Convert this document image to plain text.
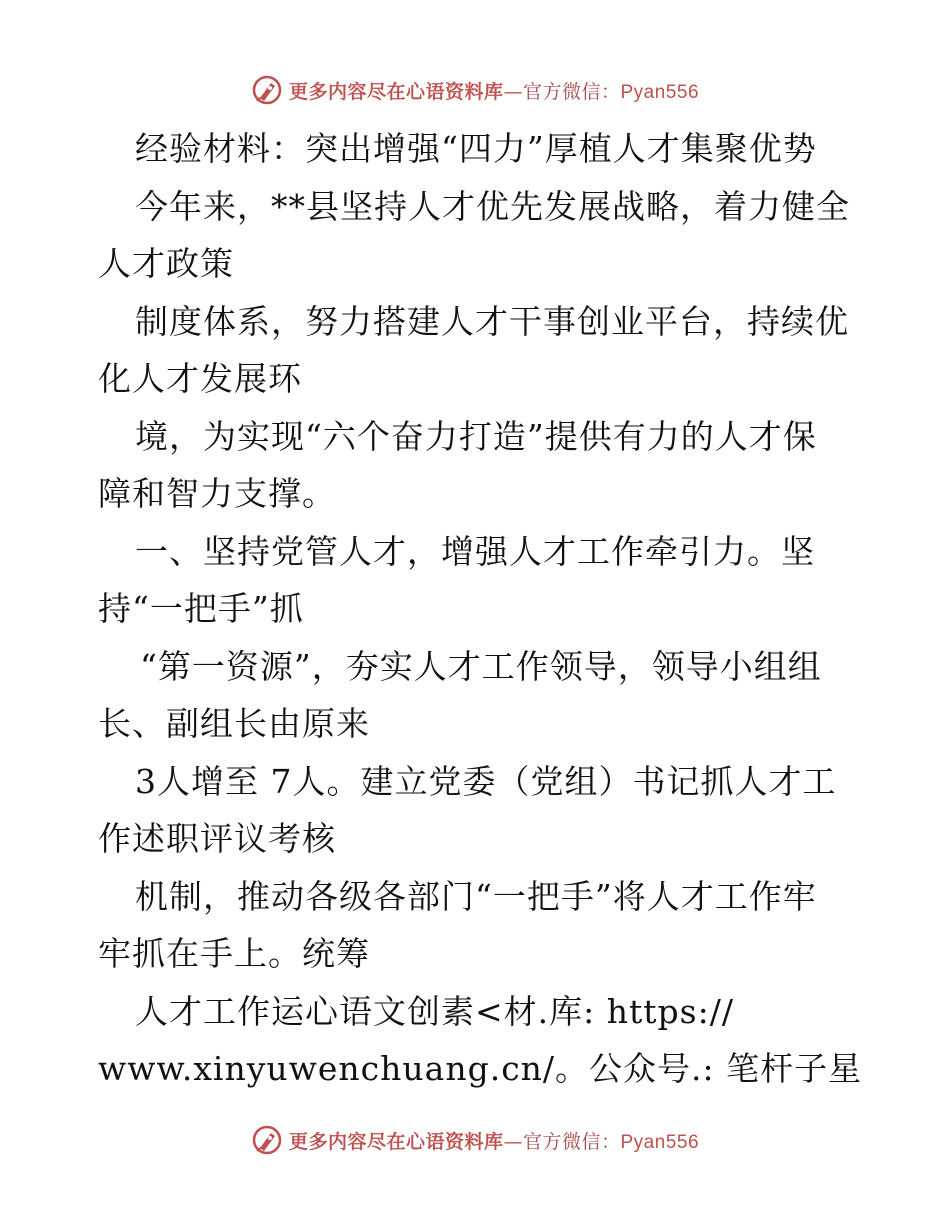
更多内容尽在心语资料库—官方微信：Pyan556
经验材料：突出增强“四力”厚植人才集聚优势
今年来，**县坚持人才优先发展战略，着力健全
人才政策
制度体系，努力搭建人才干事创业平台，持续优
化人才发展环
境，为实现“六个奋力打造”提供有力的人才保
障和智力支撑。
一、坚持党管人才，增强人才工作牵引力。坚
持“一把手”抓
“第一资源”，夯实人才工作领导，领导小组组
长、副组长由原来
3人增至 7人。建立党委（党组）书记抓人才工
作述职评议考核
机制，推动各级各部门“一把手”将人才工作牢
牢抓在手上。统筹
人才工作运心语文创素<材.库: https://
www.xinyuwenchuang.cn/。公众号.: 笔杆子星
更多内容尽在心语资料库—官方微信：Pyan556
